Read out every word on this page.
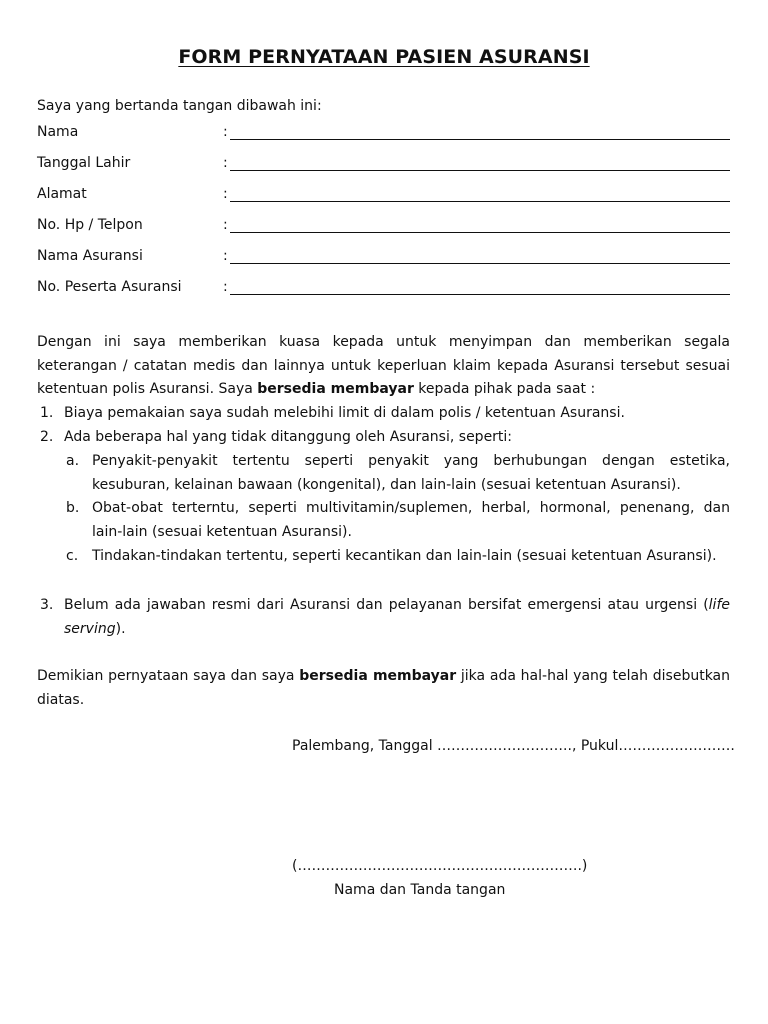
FORM PERNYATAAN PASIEN ASURANSI
Saya yang bertanda tangan dibawah ini:
Nama	:
Tanggal Lahir	:
Alamat	:
No. Hp / Telpon	:
Nama Asuransi	:
No. Peserta Asuransi	:
Dengan ini saya memberikan kuasa kepada untuk menyimpan dan memberikan segala keterangan / catatan medis dan lainnya untuk keperluan klaim kepada Asuransi tersebut sesuai ketentuan polis Asuransi. Saya bersedia membayar kepada pihak pada saat :
1. Biaya pemakaian saya sudah melebihi limit di dalam polis / ketentuan Asuransi.
2. Ada beberapa hal yang tidak ditanggung oleh Asuransi, seperti:
a. Penyakit-penyakit tertentu seperti penyakit yang berhubungan dengan estetika, kesuburan, kelainan bawaan (kongenital), dan lain-lain (sesuai ketentuan Asuransi).
b. Obat-obat terterntu, seperti multivitamin/suplemen, herbal, hormonal, penenang, dan lain-lain (sesuai ketentuan Asuransi).
c. Tindakan-tindakan tertentu, seperti kecantikan dan lain-lain (sesuai ketentuan Asuransi).
3. Belum ada jawaban resmi dari Asuransi dan pelayanan bersifat emergensi atau urgensi (life serving).
Demikian pernyataan saya dan saya bersedia membayar jika ada hal-hal yang telah disebutkan diatas.
Palembang, Tanggal ……………………….., Pukul…………………….
(…………………………………………………….)
Nama dan Tanda tangan
